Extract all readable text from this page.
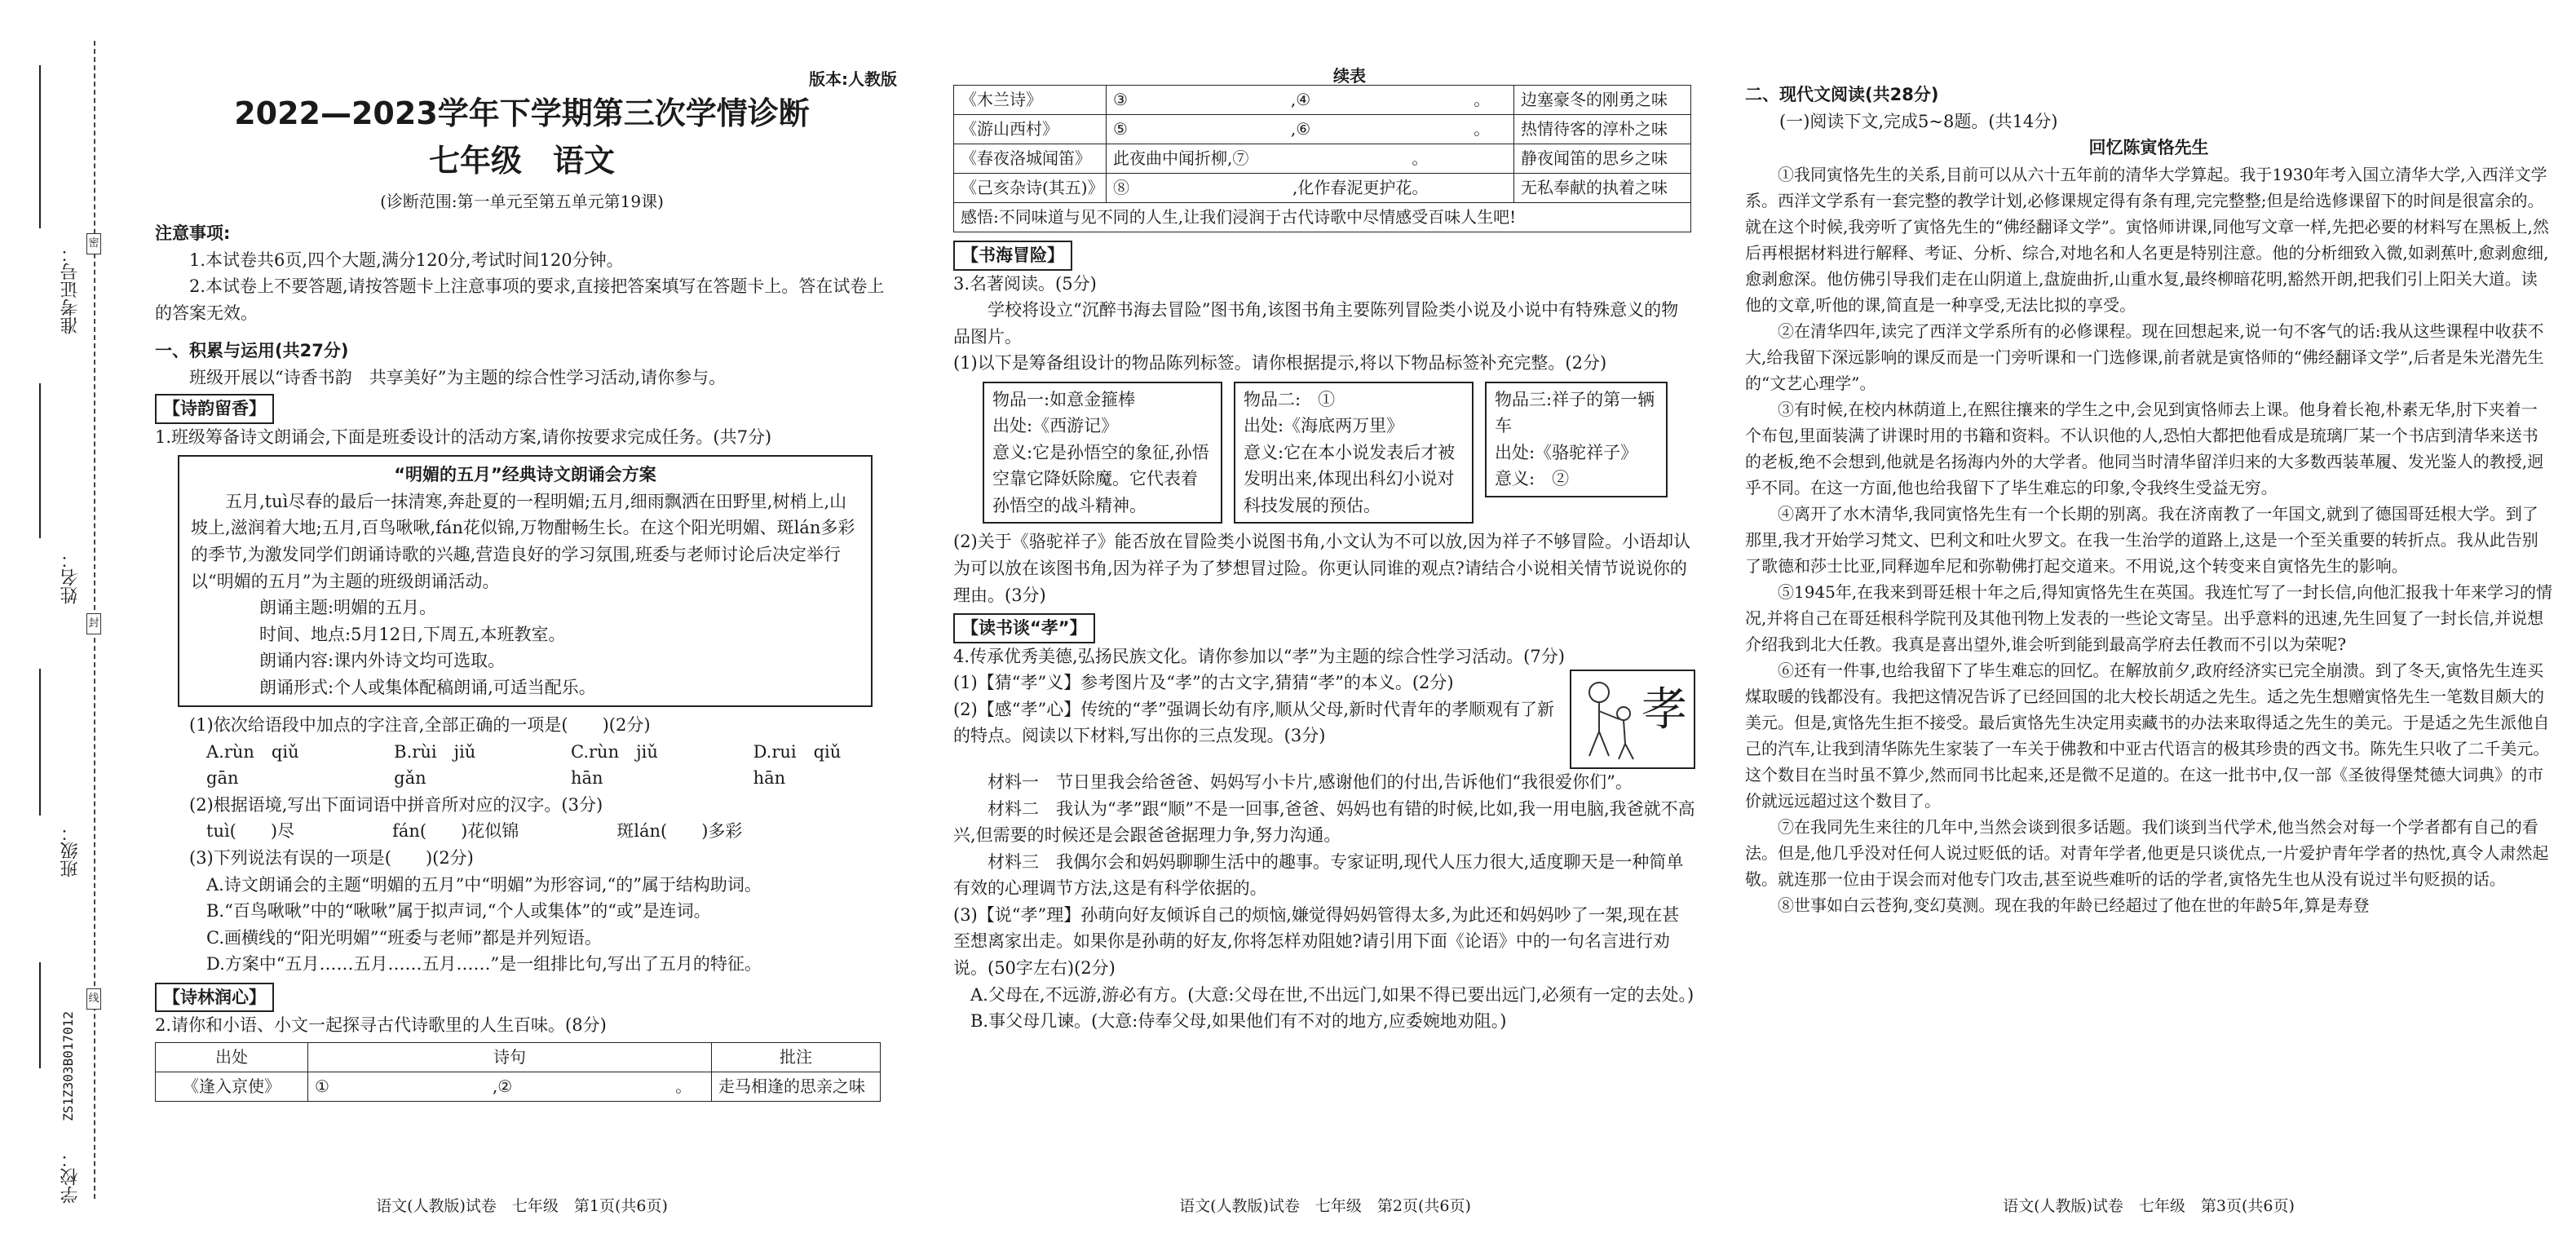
密
封
线
准考证号：
姓名：
班级：
学校：
ZS1Z303B017012
版本:人教版
2022—2023学年下学期第三次学情诊断
七年级　语文
(诊断范围:第一单元至第五单元第19课)

注意事项:

1.本试卷共6页,四个大题,满分120分,考试时间120分钟。

2.本试卷上不要答题,请按答题卡上注意事项的要求,直接把答案填写在答题卡上。答在试卷上的答案无效。

一、积累与运用(共27分)

班级开展以“诗香书韵　共享美好”为主题的综合性学习活动,请你参与。

【诗韵留香】

1.班级筹备诗文朗诵会,下面是班委设计的活动方案,请你按要求完成任务。(共7分)

“明媚的五月”经典诗文朗诵会方案

五月,tuì尽春的最后一抹清寒,奔赴夏的一程明媚;五月,细雨飘洒在田野里,树梢上,山坡上,滋润着大地;五月,百鸟啾啾,fán花似锦,万物酣畅生长。在这个阳光明媚、斑lán多彩的季节,为激发同学们朗诵诗歌的兴趣,营造良好的学习氛围,班委与老师讨论后决定举行以“明媚的五月”为主题的班级朗诵活动。

朗诵主题:明媚的五月。

时间、地点:5月12日,下周五,本班教室。

朗诵内容:课内外诗文均可选取。

朗诵形式:个人或集体配稿朗诵,可适当配乐。

(1)依次给语段中加点的字注音,全部正确的一项是(　　)(2分)

A.rùn　qiǔ　gān
B.rùi　jiǔ　gǎn
C.rùn　jiǔ　hān
D.rui　qiǔ　hān

(2)根据语境,写出下面词语中拼音所对应的汉字。(3分)

tuì(　　)尽	fán(　　)花似锦	斑lán(　　)多彩

(3)下列说法有误的一项是(　　)(2分)

A.诗文朗诵会的主题“明媚的五月”中“明媚”为形容词,“的”属于结构助词。

B.“百鸟啾啾”中的“啾啾”属于拟声词,“个人或集体”的“或”是连词。

C.画横线的“阳光明媚”“班委与老师”都是并列短语。

D.方案中“五月……五月……五月……”是一组排比句,写出了五月的特征。

【诗林润心】

2.请你和小语、小文一起探寻古代诗歌里的人生百味。(8分)

出处	诗句	批注
《逢入京使》	①　　　　　　　　　　,②　　　　　　　　　　。	走马相逢的思亲之味
语文(人教版)试卷　七年级　第1页(共6页)
续表
《木兰诗》	③　　　　　　　　　　,④　　　　　　　　　　。	边塞豪冬的刚勇之味
《游山西村》	⑤　　　　　　　　　　,⑥　　　　　　　　　　。	热情待客的淳朴之味
《春夜洛城闻笛》	此夜曲中闻折柳,⑦　　　　　　　　　　。	静夜闻笛的思乡之味
《己亥杂诗(其五)》	⑧　　　　　　　　　　,化作春泥更护花。	无私奉献的执着之味
感悟:不同味道与见不同的人生,让我们浸润于古代诗歌中尽情感受百味人生吧!		

【书海冒险】

3.名著阅读。(5分)

学校将设立“沉醉书海去冒险”图书角,该图书角主要陈列冒险类小说及小说中有特殊意义的物品图片。

(1)以下是筹备组设计的物品陈列标签。请你根据提示,将以下物品标签补充完整。(2分)

物品一:如意金箍棒
出处:《西游记》
意义:它是孙悟空的象征,孙悟空靠它降妖除魔。它代表着孙悟空的战斗精神。
物品二:　①　　　　
出处:《海底两万里》
意义:它在本小说发表后才被发明出来,体现出科幻小说对科技发展的预估。
物品三:祥子的第一辆车
出处:《骆驼祥子》
意义:　②　　　

(2)关于《骆驼祥子》能否放在冒险类小说图书角,小文认为不可以放,因为祥子不够冒险。小语却认为可以放在该图书角,因为祥子为了梦想冒过险。你更认同谁的观点?请结合小说相关情节说说你的理由。(3分)

【读书谈“孝”】

4.传承优秀美德,弘扬民族文化。请你参加以“孝”为主题的综合性学习活动。(7分)

(1)【猜“孝”义】参考图片及“孝”的古文字,猜猜“孝”的本义。(2分)

(2)【感“孝”心】传统的“孝”强调长幼有序,顺从父母,新时代青年的孝顺观有了新的特点。阅读以下材料,写出你的三点发现。(3分)	孝

材料一　节日里我会给爸爸、妈妈写小卡片,感谢他们的付出,告诉他们“我很爱你们”。

材料二　我认为“孝”跟“顺”不是一回事,爸爸、妈妈也有错的时候,比如,我一用电脑,我爸就不高兴,但需要的时候还是会跟爸爸据理力争,努力沟通。

材料三　我偶尔会和妈妈聊聊生活中的趣事。专家证明,现代人压力很大,适度聊天是一种简单有效的心理调节方法,这是有科学依据的。

(3)【说“孝”理】孙萌向好友倾诉自己的烦恼,嫌觉得妈妈管得太多,为此还和妈妈吵了一架,现在甚至想离家出走。如果你是孙萌的好友,你将怎样劝阻她?请引用下面《论语》中的一句名言进行劝说。(50字左右)(2分)

A.父母在,不远游,游必有方。(大意:父母在世,不出远门,如果不得已要出远门,必须有一定的去处。)

B.事父母几谏。(大意:侍奉父母,如果他们有不对的地方,应委婉地劝阻。)

语文(人教版)试卷　七年级　第2页(共6页)

二、现代文阅读(共28分)

(一)阅读下文,完成5~8题。(共14分)

回忆陈寅恪先生

①我同寅恪先生的关系,目前可以从六十五年前的清华大学算起。我于1930年考入国立清华大学,入西洋文学系。西洋文学系有一套完整的教学计划,必修课规定得有条有理,完完整整;但是给选修课留下的时间是很富余的。就在这个时候,我旁听了寅恪先生的“佛经翻译文学”。寅恪师讲课,同他写文章一样,先把必要的材料写在黑板上,然后再根据材料进行解释、考证、分析、综合,对地名和人名更是特别注意。他的分析细致入微,如剥蕉叶,愈剥愈细,愈剥愈深。他仿佛引导我们走在山阴道上,盘旋曲折,山重水复,最终柳暗花明,豁然开朗,把我们引上阳关大道。读他的文章,听他的课,简直是一种享受,无法比拟的享受。

②在清华四年,读完了西洋文学系所有的必修课程。现在回想起来,说一句不客气的话:我从这些课程中收获不大,给我留下深远影响的课反而是一门旁听课和一门选修课,前者就是寅恪师的“佛经翻译文学”,后者是朱光潜先生的“文艺心理学”。

③有时候,在校内林荫道上,在熙往攘来的学生之中,会见到寅恪师去上课。他身着长袍,朴素无华,肘下夹着一个布包,里面装满了讲课时用的书籍和资料。不认识他的人,恐怕大都把他看成是琉璃厂某一个书店到清华来送书的老板,绝不会想到,他就是名扬海内外的大学者。他同当时清华留洋归来的大多数西装革履、发光鉴人的教授,迥乎不同。在这一方面,他也给我留下了毕生难忘的印象,令我终生受益无穷。

④离开了水木清华,我同寅恪先生有一个长期的别离。我在济南教了一年国文,就到了德国哥廷根大学。到了那里,我才开始学习梵文、巴利文和吐火罗文。在我一生治学的道路上,这是一个至关重要的转折点。我从此告别了歌德和莎士比亚,同释迦牟尼和弥勒佛打起交道来。不用说,这个转变来自寅恪先生的影响。

⑤1945年,在我来到哥廷根十年之后,得知寅恪先生在英国。我连忙写了一封长信,向他汇报我十年来学习的情况,并将自己在哥廷根科学院刊及其他刊物上发表的一些论文寄呈。出乎意料的迅速,先生回复了一封长信,并说想介绍我到北大任教。我真是喜出望外,谁会听到能到最高学府去任教而不引以为荣呢?

⑥还有一件事,也给我留下了毕生难忘的回忆。在解放前夕,政府经济实已完全崩溃。到了冬天,寅恪先生连买煤取暖的钱都没有。我把这情况告诉了已经回国的北大校长胡适之先生。适之先生想赠寅恪先生一笔数目颇大的美元。但是,寅恪先生拒不接受。最后寅恪先生决定用卖藏书的办法来取得适之先生的美元。于是适之先生派他自己的汽车,让我到清华陈先生家装了一车关于佛教和中亚古代语言的极其珍贵的西文书。陈先生只收了二千美元。这个数目在当时虽不算少,然而同书比起来,还是微不足道的。在这一批书中,仅一部《圣彼得堡梵德大词典》的市价就远远超过这个数目了。

⑦在我同先生来往的几年中,当然会谈到很多话题。我们谈到当代学术,他当然会对每一个学者都有自己的看法。但是,他几乎没对任何人说过贬低的话。对青年学者,他更是只谈优点,一片爱护青年学者的热忱,真令人肃然起敬。就连那一位由于误会而对他专门攻击,甚至说些难听的话的学者,寅恪先生也从没有说过半句贬损的话。

⑧世事如白云苍狗,变幻莫测。现在我的年龄已经超过了他在世的年龄5年,算是寿登

语文(人教版)试卷　七年级　第3页(共6页)
